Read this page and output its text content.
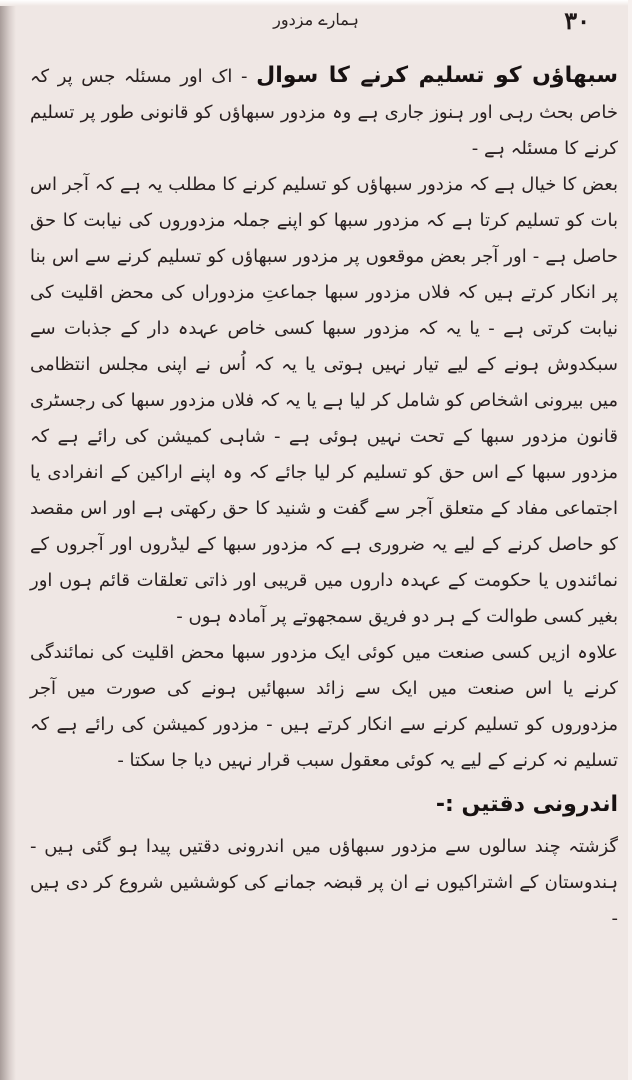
ہمارے مزدور	۳۰

سبھاؤں کو تسلیم کرنے کا سوال - اک اور مسئلہ جس پر کہ خاص بحث رہی اور ہنوز جاری ہے وہ مزدور سبھاؤں کو قانونی طور پر تسلیم کرنے کا مسئلہ ہے -

بعض کا خیال ہے کہ مزدور سبھاؤں کو تسلیم کرنے کا مطلب یہ ہے کہ آجر اس بات کو تسلیم کرتا ہے کہ مزدور سبھا کو اپنے جملہ مزدوروں کی نیابت کا حق حاصل ہے - اور آجر بعض موقعوں پر مزدور سبھاؤں کو تسلیم کرنے سے اس بنا پر انکار کرتے ہیں کہ فلاں مزدور سبھا جماعتِ مزدوراں کی محض اقلیت کی نیابت کرتی ہے - یا یہ کہ مزدور سبھا کسی خاص عہدہ دار کے جذبات سے سبکدوش ہونے کے لیے تیار نہیں ہوتی یا یہ کہ اُس نے اپنی مجلس انتظامی میں بیرونی اشخاص کو شامل کر لیا ہے یا یہ کہ فلاں مزدور سبھا کی رجسٹری قانون مزدور سبھا کے تحت نہیں ہوئی ہے - شاہی کمیشن کی رائے ہے کہ مزدور سبھا کے اس حق کو تسلیم کر لیا جائے کہ وہ اپنے اراکین کے انفرادی یا اجتماعی مفاد کے متعلق آجر سے گفت و شنید کا حق رکھتی ہے اور اس مقصد کو حاصل کرنے کے لیے یہ ضروری ہے کہ مزدور سبھا کے لیڈروں اور آجروں کے نمائندوں یا حکومت کے عہدہ داروں میں قریبی اور ذاتی تعلقات قائم ہوں اور بغیر کسی طوالت کے ہر دو فریق سمجھوتے پر آمادہ ہوں -

علاوہ ازیں کسی صنعت میں کوئی ایک مزدور سبھا محض اقلیت کی نمائندگی کرنے یا اس صنعت میں ایک سے زائد سبھائیں ہونے کی صورت میں آجر مزدوروں کو تسلیم کرنے سے انکار کرتے ہیں - مزدور کمیشن کی رائے ہے کہ تسلیم نہ کرنے کے لیے یہ کوئی معقول سبب قرار نہیں دیا جا سکتا -

اندرونی دقتیں :-

گزشتہ چند سالوں سے مزدور سبھاؤں میں اندرونی دقتیں پیدا ہو گئی ہیں - ہندوستان کے اشتراکیوں نے ان پر قبضہ جمانے کی کوششیں شروع کر دی ہیں -
